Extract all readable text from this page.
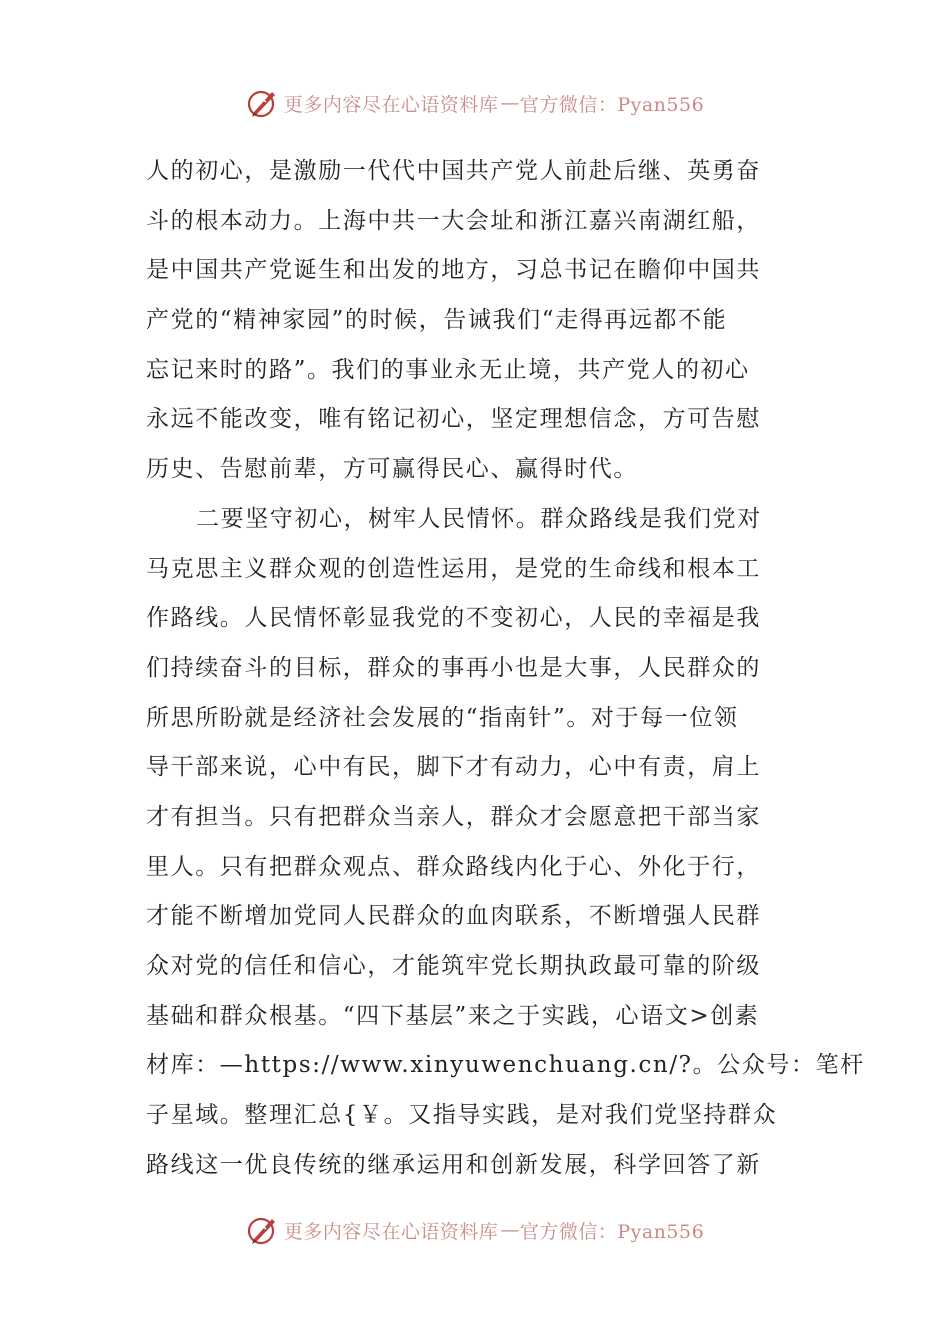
更多内容尽在心语资料库 — 官方微信：Pyan556
人的初心，是激励一代代中国共产党人前赴后继、英勇奋
斗的根本动力。上海中共一大会址和浙江嘉兴南湖红船，
是中国共产党诞生和出发的地方，习总书记在瞻仰中国共
产党的“精神家园”的时候，告诫我们“走得再远都不能
忘记来时的路”。我们的事业永无止境，共产党人的初心
永远不能改变，唯有铭记初心，坚定理想信念，方可告慰
历史、告慰前辈，方可赢得民心、赢得时代。
二要坚守初心，树牢人民情怀。群众路线是我们党对
马克思主义群众观的创造性运用，是党的生命线和根本工
作路线。人民情怀彰显我党的不变初心，人民的幸福是我
们持续奋斗的目标，群众的事再小也是大事，人民群众的
所思所盼就是经济社会发展的“指南针”。对于每一位领
导干部来说，心中有民，脚下才有动力，心中有责，肩上
才有担当。只有把群众当亲人，群众才会愿意把干部当家
里人。只有把群众观点、群众路线内化于心、外化于行，
才能不断增加党同人民群众的血肉联系，不断增强人民群
众对党的信任和信心，才能筑牢党长期执政最可靠的阶级
基础和群众根基。“四下基层”来之于实践，心语文>创素
材库：—https://www.xinyuwenchuang.cn/?。公众号：笔杆
子星域。整理汇总{￥。又指导实践，是对我们党坚持群众
路线这一优良传统的继承运用和创新发展，科学回答了新
更多内容尽在心语资料库 — 官方微信：Pyan556
